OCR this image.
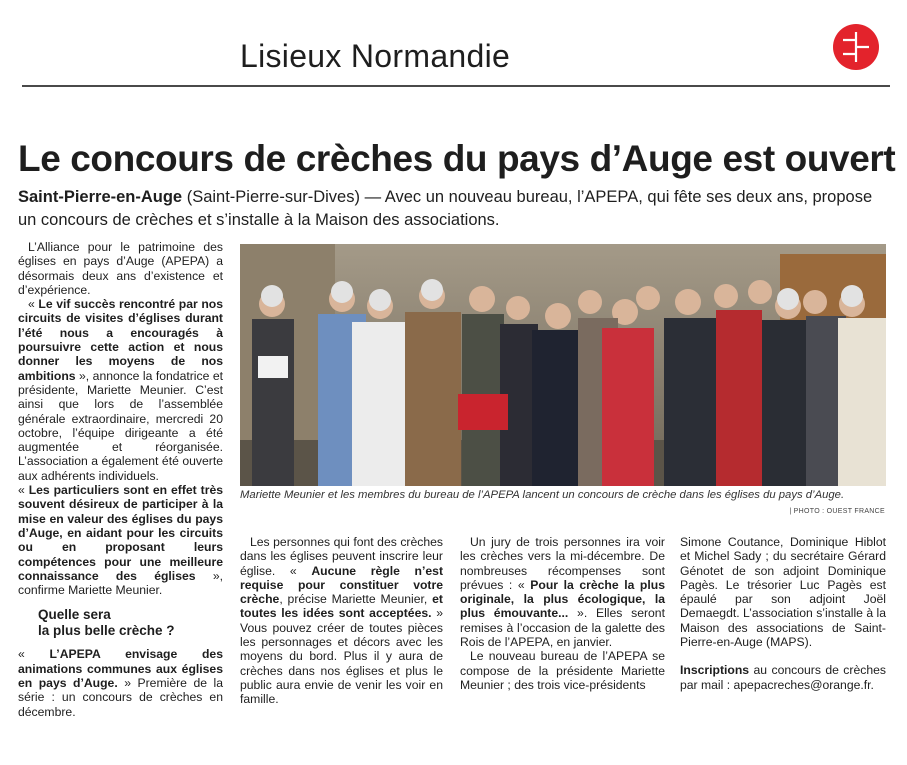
Lisieux Normandie
Le concours de crèches du pays d’Auge est ouvert
Saint-Pierre-en-Auge (Saint-Pierre-sur-Dives) — Avec un nouveau bureau, l’APEPA, qui fête ses deux ans, propose un concours de crèches et s’installe à la Maison des associations.

L’Alliance pour le patrimoine des églises en pays d’Auge (APEPA) a désormais deux ans d’existence et d’expérience.

« Le vif succès rencontré par nos circuits de visites d’églises durant l’été nous a encouragés à poursuivre cette action et nous donner les moyens de nos ambitions », annonce la fondatrice et présidente, Mariette Meunier. C’est ainsi que lors de l’assemblée générale extraordinaire, mercredi 20 octobre, l’équipe dirigeante a été augmentée et réorganisée. L’association a également été ouverte aux adhérents individuels.

« Les particuliers sont en effet très souvent désireux de participer à la mise en valeur des églises du pays d’Auge, en aidant pour les circuits ou en proposant leurs compétences pour une meilleure connaissance des églises », confirme Mariette Meunier.

Quelle sera
la plus belle crèche ?

« L’APEPA envisage des animations communes aux églises en pays d’Auge. » Première de la série : un concours de crèches en décembre.

Mariette Meunier et les membres du bureau de l’APEPA lancent un concours de crèche dans les églises du pays d’Auge.
| PHOTO : OUEST FRANCE

Les personnes qui font des crèches dans les églises peuvent inscrire leur église. « Aucune règle n’est requise pour constituer votre crèche, précise Mariette Meunier, et toutes les idées sont acceptées. » Vous pouvez créer de toutes pièces les personnages et décors avec les moyens du bord. Plus il y aura de crèches dans nos églises et plus le public aura envie de venir les voir en famille.

Un jury de trois personnes ira voir les crèches vers la mi-décembre. De nombreuses récompenses sont prévues : « Pour la crèche la plus originale, la plus écologique, la plus émouvante... ». Elles seront remises à l’occasion de la galette des Rois de l’APEPA, en janvier.

Le nouveau bureau de l’APEPA se compose de la présidente Mariette Meunier ; des trois vice-présidents

Simone Coutance, Dominique Hiblot et Michel Sady ; du secrétaire Gérard Génotet de son adjoint Dominique Pagès. Le trésorier Luc Pagès est épaulé par son adjoint Joël Demaegdt. L’association s’installe à la Maison des associations de Saint-Pierre-en-Auge (MAPS).

Inscriptions au concours de crèches par mail : apepacreches@orange.fr.
